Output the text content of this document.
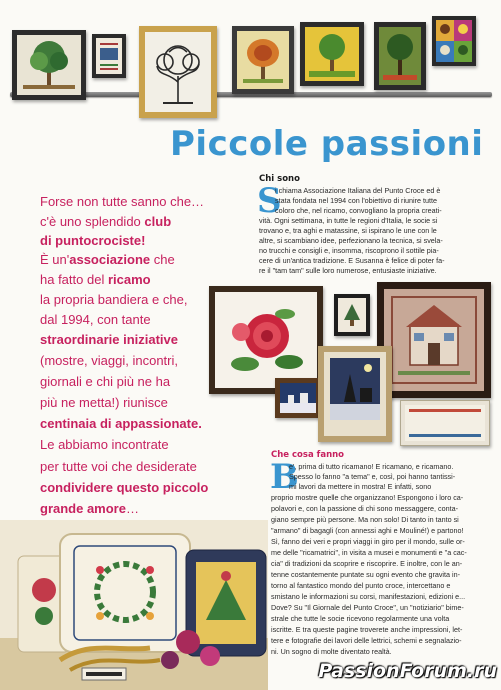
Piccole passioni
Forse non tutte sanno che…
c'è uno splendido club
di puntocrociste!
È un'associazione che
ha fatto del ricamo
la propria bandiera e che,
dal 1994, con tante
straordinarie iniziative
(mostre, viaggi, incontri,
giornali e chi più ne ha
più ne metta!) riunisce
centinaia di appassionate.
Le abbiamo incontrate
per tutte voi che desiderate
condividere questo piccolo
grande amore…
Chi sono
S
i chiama Associazione Italiana del Punto Croce ed è
stata fondata nel 1994 con l'obiettivo di riunire tutte
coloro che, nel ricamo, convogliano la propria creati-
vità. Ogni settimana, in tutte le regioni d'Italia, le socie si
trovano e, tra aghi e matassine, si ispirano le une con le
altre, si scambiano idee, perfezionano la tecnica, si svela-
no trucchi e consigli e, insomma, riscoprono il sottile pia-
cere di un'antica tradizione. E Susanna è felice di poter fa-
re il "tam tam" sulle loro numerose, entusiaste iniziative.
Che cosa fanno
B
e', prima di tutto ricamano! E ricamano, e ricamano.
Spesso lo fanno "a tema" e, così, poi hanno tantissi-
mi lavori da mettere in mostra! E infatti, sono
proprio mostre quelle che organizzano! Espongono i loro ca-
polavori e, con la passione di chi sono messaggere, conta-
giano sempre più persone. Ma non solo! Di tanto in tanto si
"armano" di bagagli (con annessi aghi e Mouliné!) e partono!
Sì, fanno dei veri e propri viaggi in giro per il mondo, sulle or-
me delle "ricamatrici", in visita a musei e monumenti e "a cac-
cia" di tradizioni da scoprire e riscoprire. E inoltre, con le an-
tenne costantemente puntate su ogni evento che gravita in-
torno al fantastico mondo del punto croce, intercettano e
smistano le informazioni su corsi, manifestazioni, edizioni e...
Dove? Su "Il Giornale del Punto Croce", un "notiziario" bime-
strale che tutte le socie ricevono regolarmente una volta
iscritte. E tra queste pagine troverete anche impressioni, let-
tere e fotografie dei lavori delle lettrici, schemi e segnalazio-
ni. Un sogno di molte diventato realtà.
PassionForum.ru
